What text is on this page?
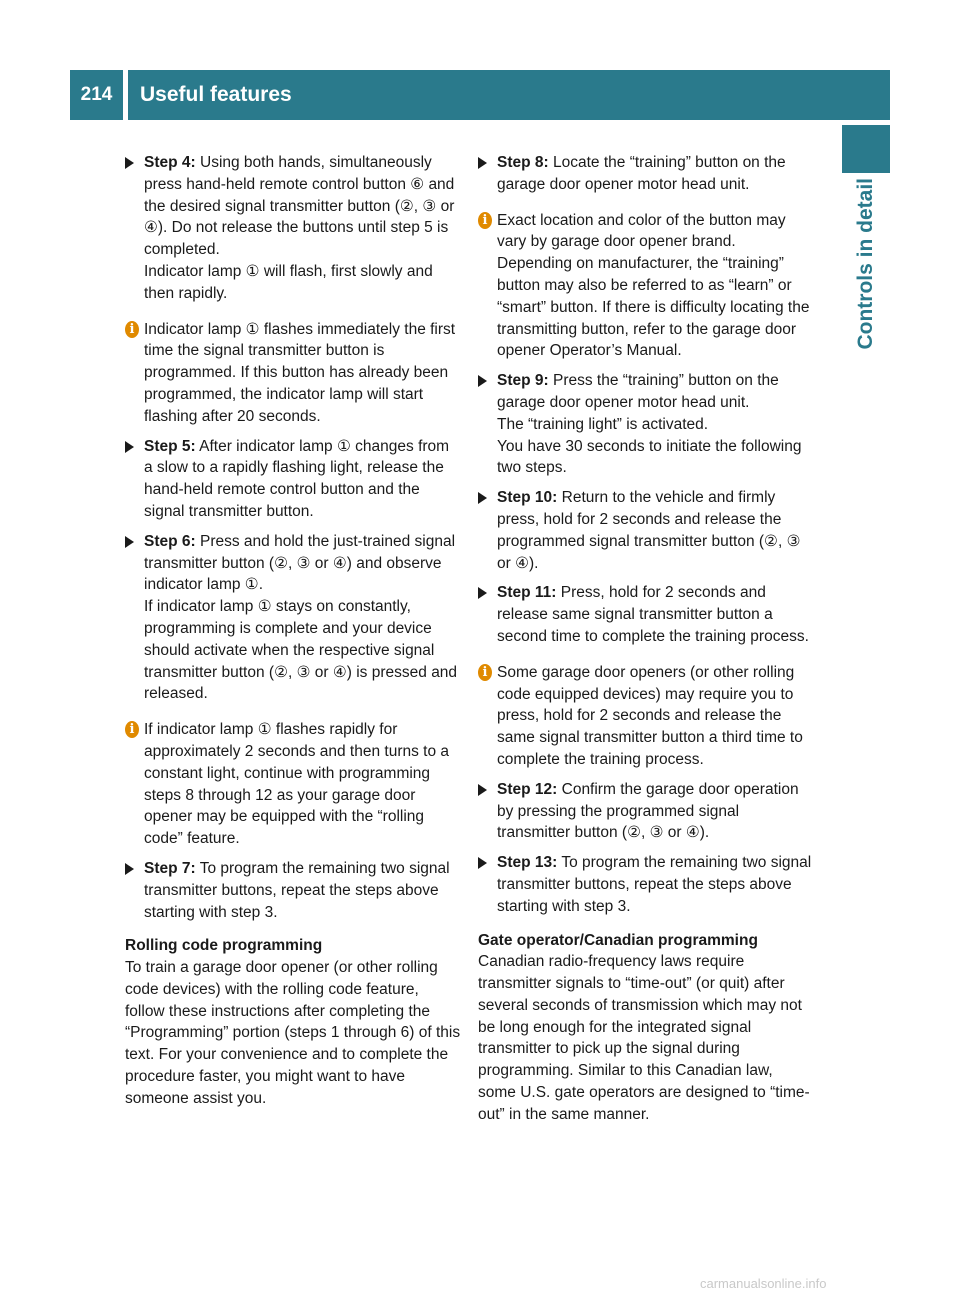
214	Useful features
Controls in detail
Step 4: Using both hands, simultaneously press hand-held remote control button ⑥ and the desired signal transmitter button (②, ③ or ④). Do not release the buttons until step 5 is completed.
Indicator lamp ① will flash, first slowly and then rapidly.
i Indicator lamp ① flashes immediately the first time the signal transmitter button is programmed. If this button has already been programmed, the indicator lamp will start flashing after 20 seconds.
Step 5: After indicator lamp ① changes from a slow to a rapidly flashing light, release the hand-held remote control button and the signal transmitter button.
Step 6: Press and hold the just-trained signal transmitter button (②, ③ or ④) and observe indicator lamp ①.
If indicator lamp ① stays on constantly, programming is complete and your device should activate when the respective signal transmitter button (②, ③ or ④) is pressed and released.
i If indicator lamp ① flashes rapidly for approximately 2 seconds and then turns to a constant light, continue with programming steps 8 through 12 as your garage door opener may be equipped with the “rolling code” feature.
Step 7: To program the remaining two signal transmitter buttons, repeat the steps above starting with step 3.
Rolling code programming
To train a garage door opener (or other rolling code devices) with the rolling code feature, follow these instructions after completing the “Programming” portion (steps 1 through 6) of this text. For your convenience and to complete the procedure faster, you might want to have someone assist you.
Step 8: Locate the “training” button on the garage door opener motor head unit.
i Exact location and color of the button may vary by garage door opener brand. Depending on manufacturer, the “training” button may also be referred to as “learn” or “smart” button. If there is difficulty locating the transmitting button, refer to the garage door opener Operator’s Manual.
Step 9: Press the “training” button on the garage door opener motor head unit.
The “training light” is activated.
You have 30 seconds to initiate the following two steps.
Step 10: Return to the vehicle and firmly press, hold for 2 seconds and release the programmed signal transmitter button (②, ③ or ④).
Step 11: Press, hold for 2 seconds and release same signal transmitter button a second time to complete the training process.
i Some garage door openers (or other rolling code equipped devices) may require you to press, hold for 2 seconds and release the same signal transmitter button a third time to complete the training process.
Step 12: Confirm the garage door operation by pressing the programmed signal transmitter button (②, ③ or ④).
Step 13: To program the remaining two signal transmitter buttons, repeat the steps above starting with step 3.
Gate operator/Canadian programming
Canadian radio-frequency laws require transmitter signals to “time-out” (or quit) after several seconds of transmission which may not be long enough for the integrated signal transmitter to pick up the signal during programming. Similar to this Canadian law, some U.S. gate operators are designed to “time-out” in the same manner.
carmanualsonline.info
